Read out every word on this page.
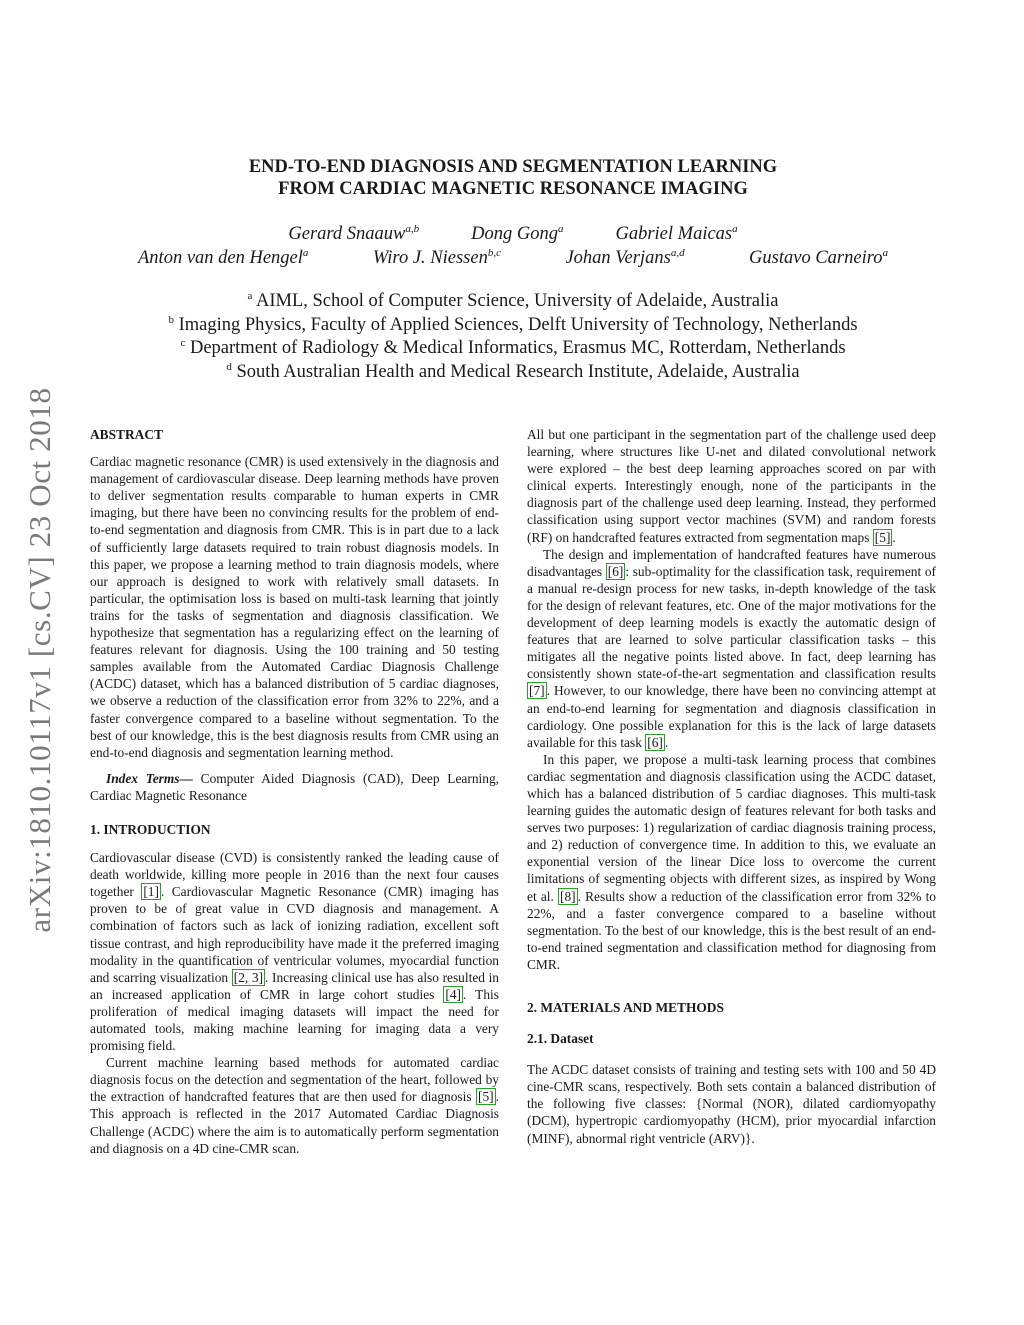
arXiv:1810.10117v1 [cs.CV] 23 Oct 2018
END-TO-END DIAGNOSIS AND SEGMENTATION LEARNING
FROM CARDIAC MAGNETIC RESONANCE IMAGING
Gerard Snaauw$^{a,b}$	Dong Gong$^a$	Gabriel Maicas$^a$
Anton van den Hengel$^a$	Wiro J. Niessen$^{b,c}$	Johan Verjans$^{a,d}$	Gustavo Carneiro$^a$
$^a$ AIML, School of Computer Science, University of Adelaide, Australia
$^b$ Imaging Physics, Faculty of Applied Sciences, Delft University of Technology, Netherlands
$^c$ Department of Radiology & Medical Informatics, Erasmus MC, Rotterdam, Netherlands
$^d$ South Australian Health and Medical Research Institute, Adelaide, Australia

ABSTRACT

Cardiac magnetic resonance (CMR) is used extensively in the diagnosis and management of cardiovascular disease. Deep learning methods have proven to deliver segmentation results comparable to human experts in CMR imaging, but there have been no convincing results for the problem of end-to-end segmentation and diagnosis from CMR. This is in part due to a lack of sufficiently large datasets required to train robust diagnosis models. In this paper, we propose a learning method to train diagnosis models, where our approach is designed to work with relatively small datasets. In particular, the optimisation loss is based on multi-task learning that jointly trains for the tasks of segmentation and diagnosis classification. We hypothesize that segmentation has a regularizing effect on the learning of features relevant for diagnosis. Using the 100 training and 50 testing samples available from the Automated Cardiac Diagnosis Challenge (ACDC) dataset, which has a balanced distribution of 5 cardiac diagnoses, we observe a reduction of the classification error from 32% to 22%, and a faster convergence compared to a baseline without segmentation. To the best of our knowledge, this is the best diagnosis results from CMR using an end-to-end diagnosis and segmentation learning method.

Index Terms— Computer Aided Diagnosis (CAD), Deep Learning, Cardiac Magnetic Resonance

1. INTRODUCTION

Cardiovascular disease (CVD) is consistently ranked the leading cause of death worldwide, killing more people in 2016 than the next four causes together [1] . Cardiovascular Magnetic Resonance (CMR) imaging has proven to be of great value in CVD diagnosis and management. A combination of factors such as lack of ionizing radiation, excellent soft tissue contrast, and high reproducibility have made it the preferred imaging modality in the quantification of ventricular volumes, myocardial function and scarring visualization [2, 3] . Increasing clinical use has also resulted in an increased application of CMR in large cohort studies [4] . This proliferation of medical imaging datasets will impact the need for automated tools, making machine learning for imaging data a very promising field.

Current machine learning based methods for automated cardiac diagnosis focus on the detection and segmentation of the heart, followed by the extraction of handcrafted features that are then used for diagnosis [5] . This approach is reflected in the 2017 Automated Cardiac Diagnosis Challenge (ACDC) where the aim is to automatically perform segmentation and diagnosis on a 4D cine-CMR scan.

All but one participant in the segmentation part of the challenge used deep learning, where structures like U-net and dilated convolutional network were explored – the best deep learning approaches scored on par with clinical experts. Interestingly enough, none of the participants in the diagnosis part of the challenge used deep learning. Instead, they performed classification using support vector machines (SVM) and random forests (RF) on handcrafted features extracted from segmentation maps [5] .

The design and implementation of handcrafted features have numerous disadvantages [6] : sub-optimality for the classification task, requirement of a manual re-design process for new tasks, in-depth knowledge of the task for the design of relevant features, etc. One of the major motivations for the development of deep learning models is exactly the automatic design of features that are learned to solve particular classification tasks – this mitigates all the negative points listed above. In fact, deep learning has consistently shown state-of-the-art segmentation and classification results [7] . However, to our knowledge, there have been no convincing attempt at an end-to-end learning for segmentation and diagnosis classification in cardiology. One possible explanation for this is the lack of large datasets available for this task [6] .

In this paper, we propose a multi-task learning process that combines cardiac segmentation and diagnosis classification using the ACDC dataset, which has a balanced distribution of 5 cardiac diagnoses. This multi-task learning guides the automatic design of features relevant for both tasks and serves two purposes: 1) regularization of cardiac diagnosis training process, and 2) reduction of convergence time. In addition to this, we evaluate an exponential version of the linear Dice loss to overcome the current limitations of segmenting objects with different sizes, as inspired by Wong et al. [8] . Results show a reduction of the classification error from 32% to 22%, and a faster convergence compared to a baseline without segmentation. To the best of our knowledge, this is the best result of an end-to-end trained segmentation and classification method for diagnosing from CMR.

2. MATERIALS AND METHODS

2.1. Dataset

The ACDC dataset consists of training and testing sets with 100 and 50 4D cine-CMR scans, respectively. Both sets contain a balanced distribution of the following five classes: {Normal (NOR), dilated cardiomyopathy (DCM), hypertropic cardiomyopathy (HCM), prior myocardial infarction (MINF), abnormal right ventricle (ARV)}.
